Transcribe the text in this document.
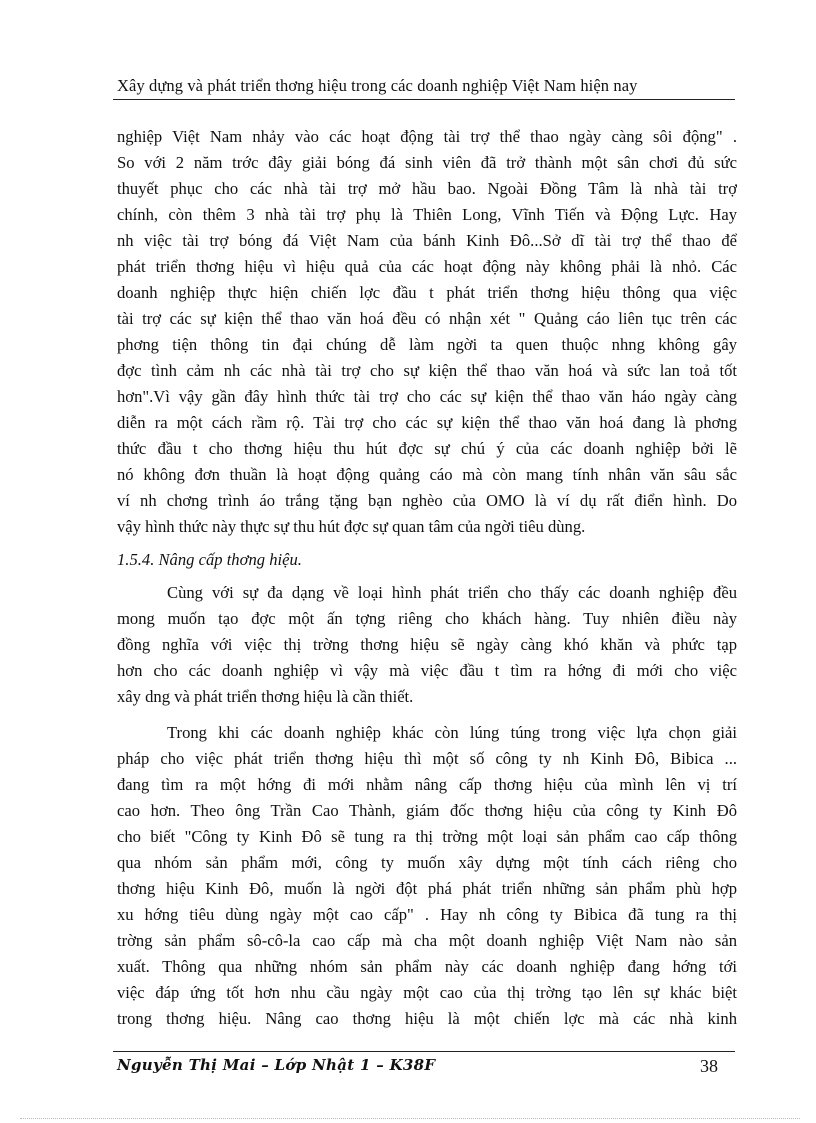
Xây dựng và phát triển thơng hiệu trong các doanh nghiệp Việt Nam hiện nay
nghiệp Việt Nam nhảy vào các hoạt động tài trợ thể thao ngày càng sôi động" .
So với 2 năm trớc đây giải bóng đá sinh viên đã trở thành một sân chơi đủ sức
thuyết phục cho các nhà tài trợ mở hầu bao. Ngoài Đồng Tâm là nhà tài trợ
chính, còn thêm 3 nhà tài trợ phụ là Thiên Long, Vĩnh Tiến và Động Lực. Hay
nh việc tài trợ bóng đá Việt Nam của bánh Kinh Đô...Sở dĩ tài trợ thể thao để
phát triển thơng hiệu vì hiệu quả của các hoạt động này không phải là nhỏ. Các
doanh nghiệp thực hiện chiến lợc đầu t phát triển thơng hiệu thông qua việc
tài trợ các sự kiện thể thao văn hoá đều có nhận xét " Quảng cáo liên tục trên các
phơng tiện thông tin đại chúng dễ làm ngời ta quen thuộc nhng không gây
đợc tình cảm nh các nhà tài trợ cho sự kiện thể thao văn hoá và sức lan toả tốt
hơn".Vì vậy gần đây hình thức tài trợ cho các sự kiện thể thao văn háo ngày càng
diễn ra một cách rầm rộ. Tài trợ cho các sự kiện thể thao văn hoá đang là phơng
thức đầu t cho thơng hiệu thu hút đợc sự chú ý của các doanh nghiệp bởi lẽ
nó không đơn thuần là hoạt động quảng cáo mà còn mang tính nhân văn sâu sắc
ví nh chơng trình áo trắng tặng bạn nghèo của OMO là ví dụ rất điển hình. Do
vậy hình thức này thực sự thu hút đợc sự quan tâm của ngời tiêu dùng.
1.5.4. Nâng cấp thơng hiệu.
Cùng với sự đa dạng về loại hình phát triển cho thấy các doanh nghiệp đều
mong muốn tạo đợc một ấn tợng riêng cho khách hàng. Tuy nhiên điều này
đồng nghĩa với việc thị trờng thơng hiệu sẽ ngày càng khó khăn và phức tạp
hơn cho các doanh nghiệp vì vậy mà việc đầu t tìm ra hớng đi mới cho việc
xây dng và phát triển thơng hiệu là cần thiết.
Trong khi các doanh nghiệp khác còn lúng túng trong việc lựa chọn giải
pháp cho việc phát triển thơng hiệu thì một số công ty nh Kinh Đô, Bibica ...
đang tìm ra một hớng đi mới nhằm nâng cấp thơng hiệu của mình lên vị trí
cao hơn. Theo ông Trần Cao Thành, giám đốc thơng hiệu của công ty Kinh Đô
cho biết "Công ty Kinh Đô sẽ tung ra thị trờng một loại sản phẩm cao cấp thông
qua nhóm sản phẩm mới, công ty muốn xây dựng một tính cách riêng cho
thơng hiệu Kinh Đô, muốn là ngời đột phá phát triển những sản phẩm phù hợp
xu hớng tiêu dùng ngày một cao cấp" . Hay nh công ty Bibica đã tung ra thị
trờng sản phẩm sô-cô-la cao cấp mà cha một doanh nghiệp Việt Nam nào sản
xuất. Thông qua những nhóm sản phẩm này các doanh nghiệp đang hớng tới
việc đáp ứng tốt hơn nhu cầu ngày một cao của thị trờng tạo lên sự khác biệt
trong thơng hiệu. Nâng cao thơng hiệu là một chiến lợc mà các nhà kinh
Nguyễn Thị Mai – Lớp Nhật 1 – K38F	38
